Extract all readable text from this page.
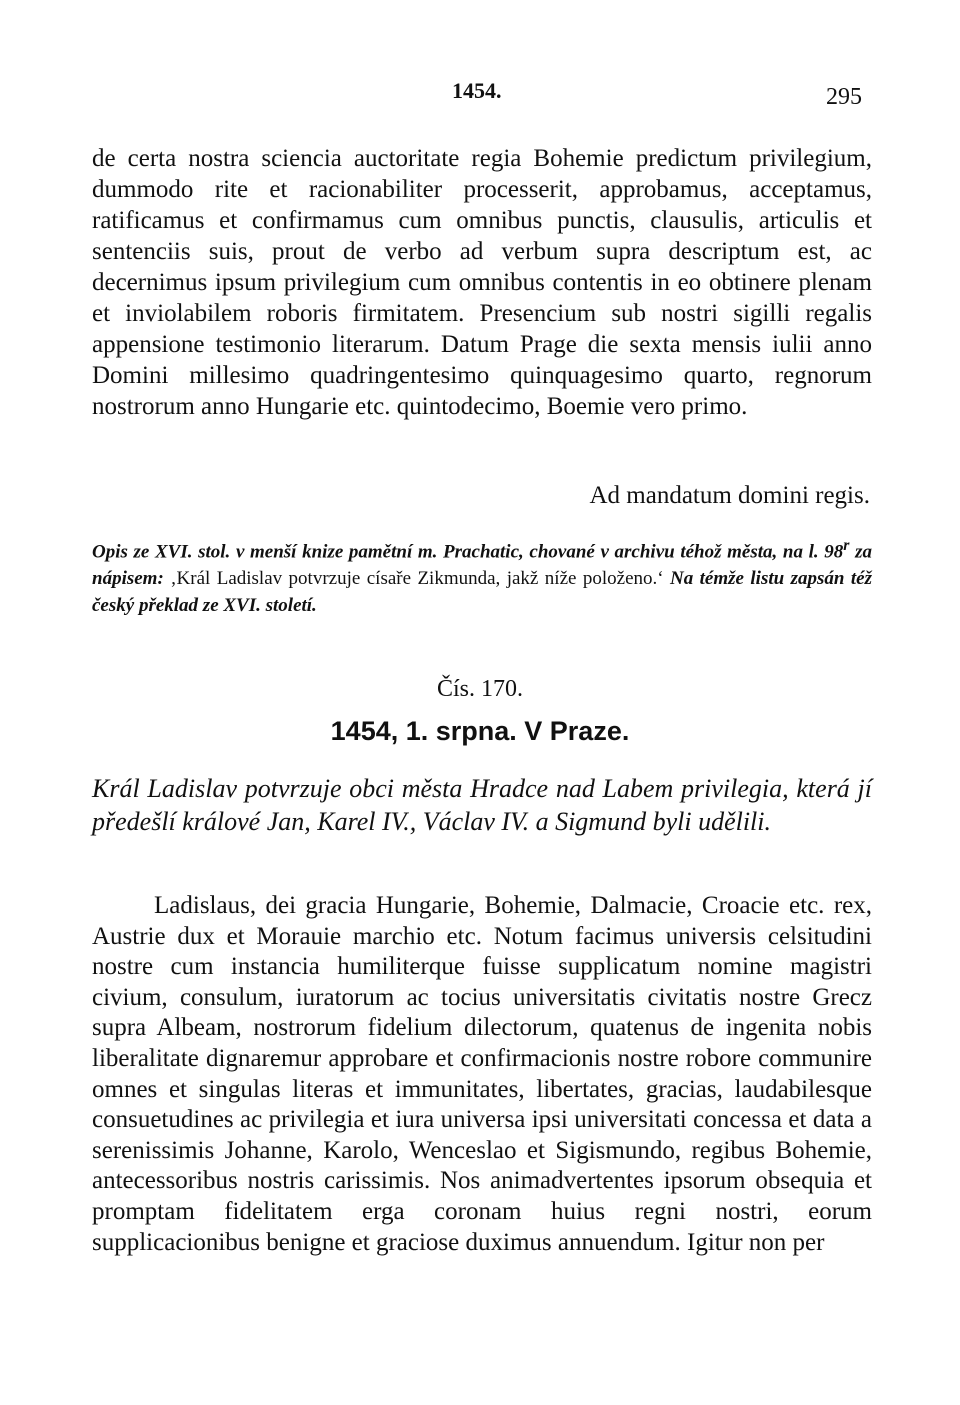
1454.	295

de certa nostra sciencia auctoritate regia Bohemie predictum privilegium, dummodo rite et racionabiliter processerit, approbamus, acceptamus, ratificamus et confirmamus cum omnibus punctis, clausulis, articulis et sentenciis suis, prout de verbo ad verbum supra descriptum est, ac decernimus ipsum privilegium cum omnibus contentis in eo obtinere plenam et inviolabilem roboris firmitatem. Presencium sub nostri sigilli regalis appensione testimonio literarum. Datum Prage die sexta mensis iulii anno Domini millesimo quadringentesimo quinquagesimo quarto, regnorum nostrorum anno Hungarie etc. quintodecimo, Boemie vero primo.

Ad mandatum domini regis.

Opis ze XVI. stol. v menší knize pamětní m. Prachatic, chované v archivu téhož města, na l. 98$^r$ za nápisem: ‚Král Ladislav potvrzuje císaře Zikmunda, jakž níže položeno.‘ Na témže listu zapsán též český překlad ze XVI. století.

Čís. 170.
1454, 1. srpna. V Praze.

Král Ladislav potvrzuje obci města Hradce nad Labem privilegia, která jí předešlí králové Jan, Karel IV., Václav IV. a Sigmund byli udělili.

Ladislaus, dei gracia Hungarie, Bohemie, Dalmacie, Croacie etc. rex, Austrie dux et Morauie marchio etc. Notum facimus universis celsitudini nostre cum instancia humiliterque fuisse supplicatum nomine magistri civium, consulum, iuratorum ac tocius universitatis civitatis nostre Grecz supra Albeam, nostrorum fidelium dilectorum, quatenus de ingenita nobis liberalitate dignaremur approbare et confirmacionis nostre robore communire omnes et singulas literas et immunitates, libertates, gracias, laudabilesque consuetudines ac privilegia et iura universa ipsi universitati concessa et data a serenissimis Johanne, Karolo, Wenceslao et Sigismundo, regibus Bohemie, antecessoribus nostris carissimis. Nos animadvertentes ipsorum obsequia et promptam fidelitatem erga coronam huius regni nostri, eorum supplicacionibus benigne et graciose duximus annuendum. Igitur non per
